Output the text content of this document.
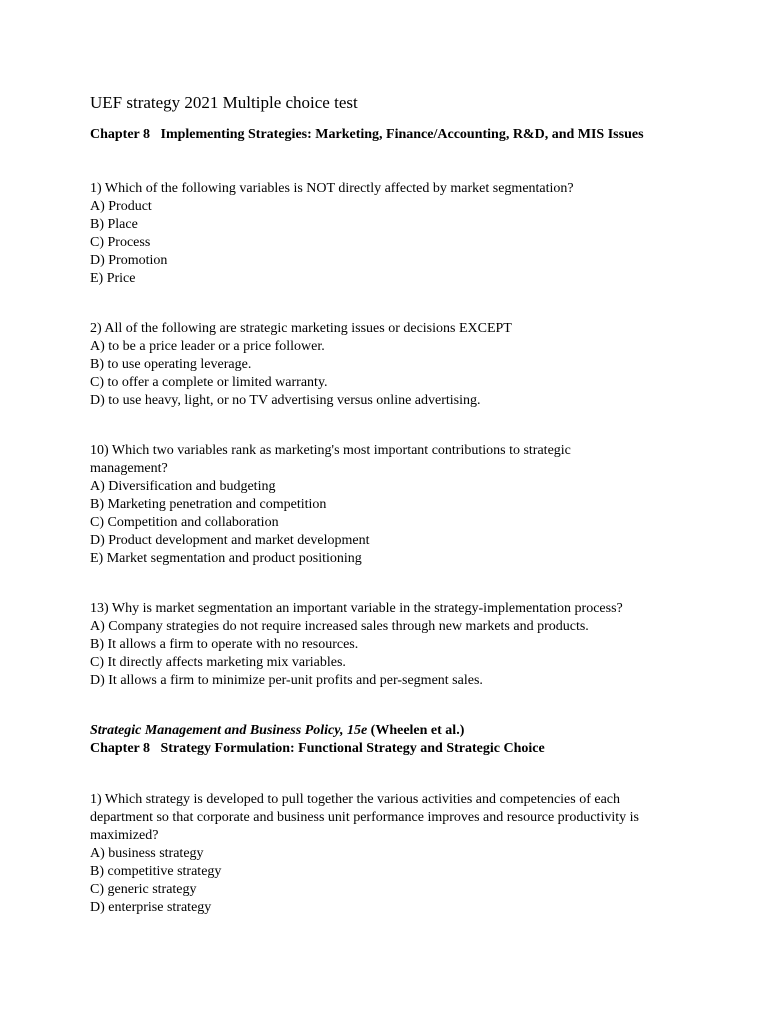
UEF strategy 2021 Multiple choice test

Chapter 8   Implementing Strategies: Marketing, Finance/Accounting, R&D, and MIS Issues

1) Which of the following variables is NOT directly affected by market segmentation?
A) Product
B) Place
C) Process
D) Promotion
E) Price
2) All of the following are strategic marketing issues or decisions EXCEPT
A) to be a price leader or a price follower.
B) to use operating leverage.
C) to offer a complete or limited warranty.
D) to use heavy, light, or no TV advertising versus online advertising.
10) Which two variables rank as marketing's most important contributions to strategic management?
A) Diversification and budgeting
B) Marketing penetration and competition
C) Competition and collaboration
D) Product development and market development
E) Market segmentation and product positioning
13) Why is market segmentation an important variable in the strategy-implementation process?
A) Company strategies do not require increased sales through new markets and products.
B) It allows a firm to operate with no resources.
C) It directly affects marketing mix variables.
D) It allows a firm to minimize per-unit profits and per-segment sales.

Strategic Management and Business Policy, 15e (Wheelen et al.)

Chapter 8   Strategy Formulation: Functional Strategy and Strategic Choice

1) Which strategy is developed to pull together the various activities and competencies of each department so that corporate and business unit performance improves and resource productivity is maximized?
A) business strategy
B) competitive strategy
C) generic strategy
D) enterprise strategy
